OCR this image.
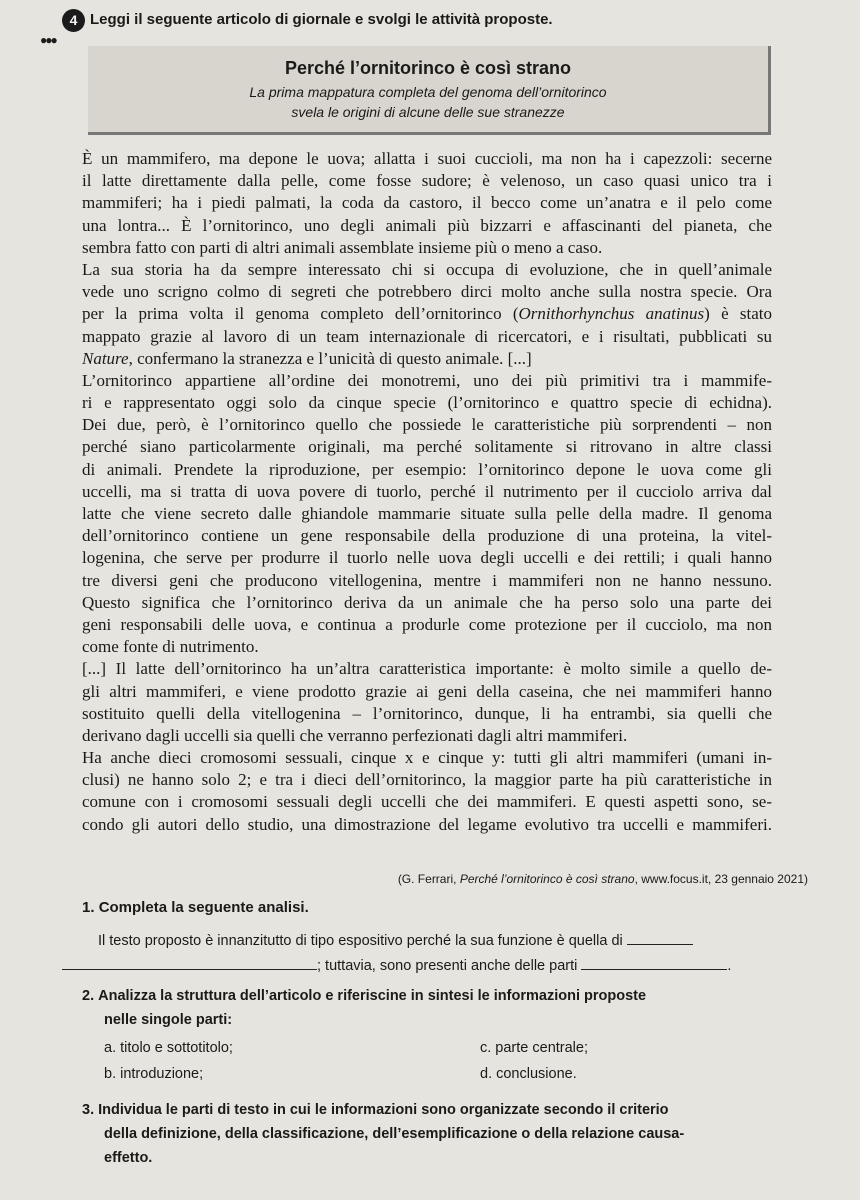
4
●●●
Leggi il seguente articolo di giornale e svolgi le attività proposte.
Perché l’ornitorinco è così strano
La prima mappatura completa del genoma dell’ornitorinco
svela le origini di alcune delle sue stranezze
È un mammifero, ma depone le uova; allatta i suoi cuccioli, ma non ha i capezzoli: secerne
il latte direttamente dalla pelle, come fosse sudore; è velenoso, un caso quasi unico tra i
mammiferi; ha i piedi palmati, la coda da castoro, il becco come un’anatra e il pelo come
una lontra... È l’ornitorinco, uno degli animali più bizzarri e affascinanti del pianeta, che
sembra fatto con parti di altri animali assemblate insieme più o meno a caso.
La sua storia ha da sempre interessato chi si occupa di evoluzione, che in quell’animale
vede uno scrigno colmo di segreti che potrebbero dirci molto anche sulla nostra specie. Ora
per la prima volta il genoma completo dell’ornitorinco (Ornithorhynchus anatinus) è stato
mappato grazie al lavoro di un team internazionale di ricercatori, e i risultati, pubblicati su
Nature, confermano la stranezza e l’unicità di questo animale. [...]
L’ornitorinco appartiene all’ordine dei monotremi, uno dei più primitivi tra i mammife-
ri e rappresentato oggi solo da cinque specie (l’ornitorinco e quattro specie di echidna).
Dei due, però, è l’ornitorinco quello che possiede le caratteristiche più sorprendenti – non
perché siano particolarmente originali, ma perché solitamente si ritrovano in altre classi
di animali. Prendete la riproduzione, per esempio: l’ornitorinco depone le uova come gli
uccelli, ma si tratta di uova povere di tuorlo, perché il nutrimento per il cucciolo arriva dal
latte che viene secreto dalle ghiandole mammarie situate sulla pelle della madre. Il genoma
dell’ornitorinco contiene un gene responsabile della produzione di una proteina, la vitel-
logenina, che serve per produrre il tuorlo nelle uova degli uccelli e dei rettili; i quali hanno
tre diversi geni che producono vitellogenina, mentre i mammiferi non ne hanno nessuno.
Questo significa che l’ornitorinco deriva da un animale che ha perso solo una parte dei
geni responsabili delle uova, e continua a produrle come protezione per il cucciolo, ma non
come fonte di nutrimento.
[...] Il latte dell’ornitorinco ha un’altra caratteristica importante: è molto simile a quello de-
gli altri mammiferi, e viene prodotto grazie ai geni della caseina, che nei mammiferi hanno
sostituito quelli della vitellogenina – l’ornitorinco, dunque, li ha entrambi, sia quelli che
derivano dagli uccelli sia quelli che verranno perfezionati dagli altri mammiferi.
Ha anche dieci cromosomi sessuali, cinque x e cinque y: tutti gli altri mammiferi (umani in-
clusi) ne hanno solo 2; e tra i dieci dell’ornitorinco, la maggior parte ha più caratteristiche in
comune con i cromosomi sessuali degli uccelli che dei mammiferi. E questi aspetti sono, se-
condo gli autori dello studio, una dimostrazione del legame evolutivo tra uccelli e mammiferi.
(G. Ferrari, Perché l’ornitorinco è così strano, www.focus.it, 23 gennaio 2021)
1. Completa la seguente analisi.
Il testo proposto è innanzitutto di tipo espositivo perché la sua funzione è quella di
; tuttavia, sono presenti anche delle parti	.
2. Analizza la struttura dell’articolo e riferiscine in sintesi le informazioni proposte
nelle singole parti:
a. titolo e sottotitolo;	c. parte centrale;
b. introduzione;	d. conclusione.
3. Individua le parti di testo in cui le informazioni sono organizzate secondo il criterio
della definizione, della classificazione, dell’esemplificazione o della relazione causa-
effetto.
